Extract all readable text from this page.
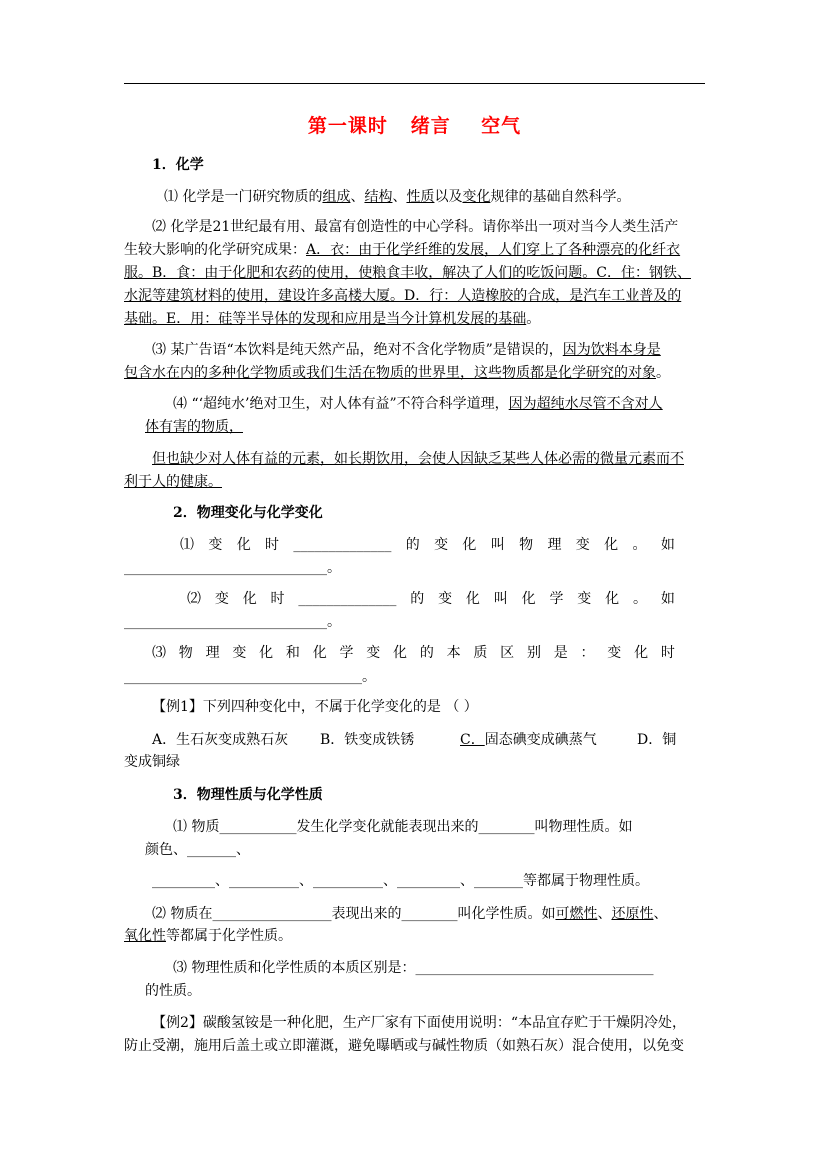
第一课时   绪言    空气
1．化学
⑴ 化学是一门研究物质的组成、结构、性质以及变化规律的基础自然科学。
⑵ 化学是21世纪最有用、最富有创造性的中心学科。请你举出一项对当今人类生活产
生较大影响的化学研究成果：A．衣：由于化学纤维的发展，人们穿上了各种漂亮的化纤衣
服。B．食：由于化肥和农药的使用，使粮食丰收，解决了人们的吃饭问题。C．住：钢铁、
水泥等建筑材料的使用，建设许多高楼大厦。D．行：人造橡胶的合成，是汽车工业普及的
基础。E．用：硅等半导体的发现和应用是当今计算机发展的基础。
⑶ 某广告语“本饮料是纯天然产品，绝对不含化学物质”是错误的，因为饮料本身是
包含水在内的多种化学物质或我们生活在物质的世界里，这些物质都是化学研究的对象。
⑷ “‘超纯水’绝对卫生，对人体有益”不符合科学道理，因为超纯水尽管不含对人
体有害的物质，
但也缺少对人体有益的元素，如长期饮用，会使人因缺乏某些人体必需的微量元素而不
利于人的健康。
2．物理变化与化学变化
⑴ 变 化 时 ______________ 的 变 化 叫 物 理 变 化 。 如
_____________________________。
⑵ 变 化 时 ______________ 的 变 化 叫 化 学 变 化 。 如
_____________________________。
⑶ 物 理 变 化 和 化 学 变 化 的 本 质 区 别 是 ： 变 化 时
__________________________________。
【例1】下列四种变化中，不属于化学变化的是 （ ）
A．生石灰变成熟石灰 B．铁变成铁锈	C．固态碘变成碘蒸气	D．铜
变成铜绿
3．物理性质与化学性质
⑴ 物质___________发生化学变化就能表现出来的________叫物理性质。如
颜色、_______、
_________、__________、__________、_________、_______等都属于物理性质。
⑵ 物质在_________________表现出来的________叫化学性质。如可燃性、还原性、
氧化性等都属于化学性质。
⑶ 物理性质和化学性质的本质区别是：__________________________________
的性质。
【例2】碳酸氢铵是一种化肥，生产厂家有下面使用说明：“本品宜存贮于干燥阴冷处，
防止受潮，施用后盖土或立即灌溉，避免曝晒或与碱性物质（如熟石灰）混合使用，以免变
